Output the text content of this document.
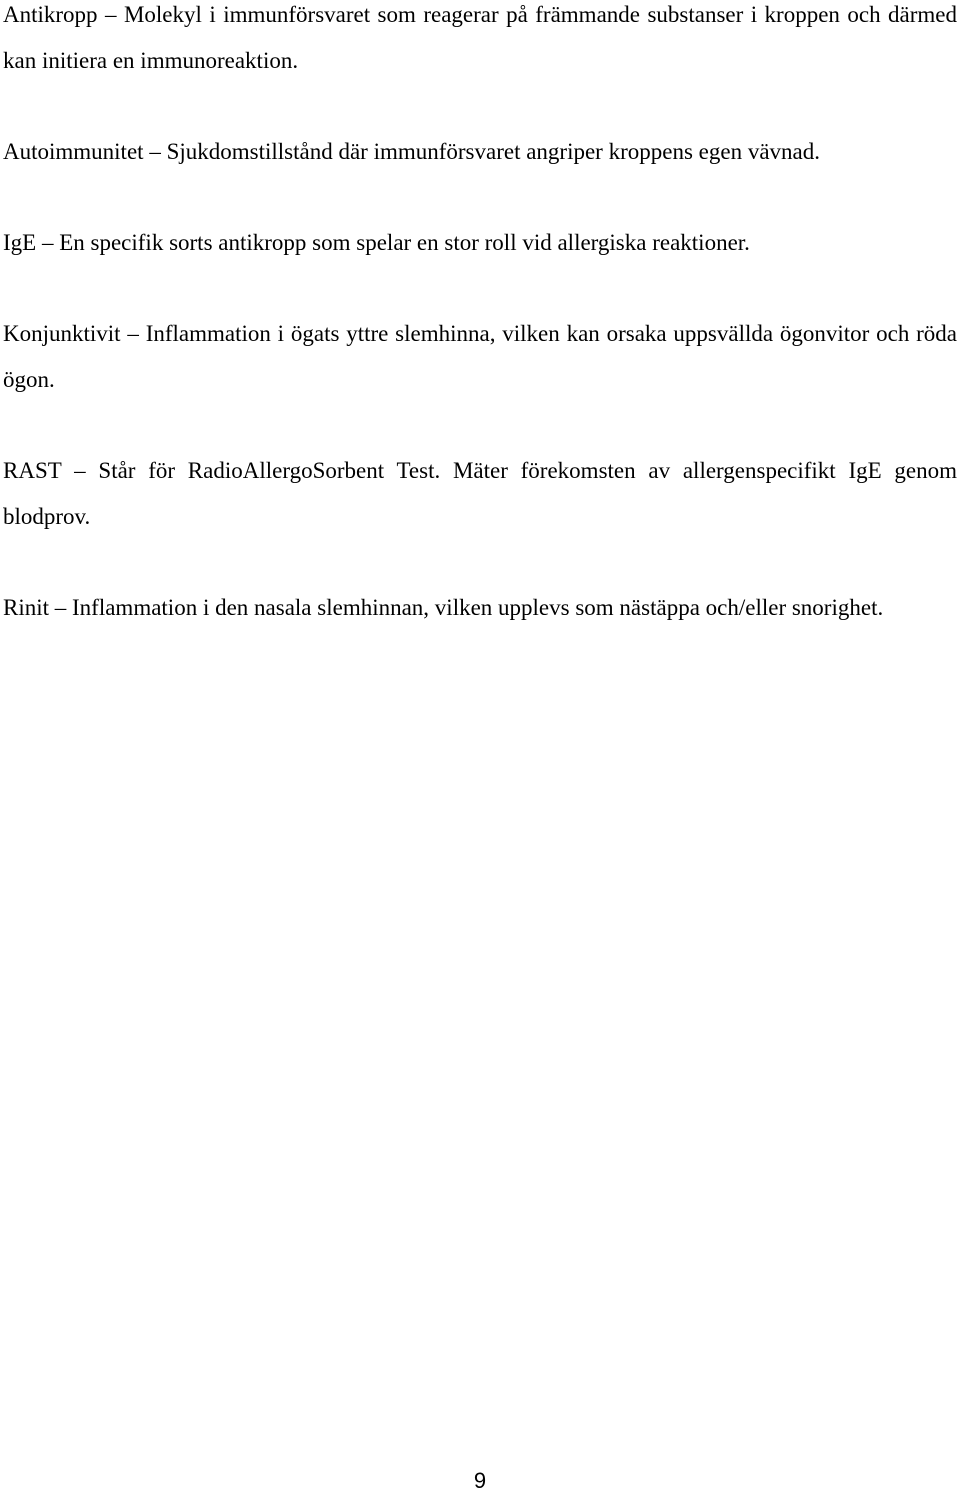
Antikropp – Molekyl i immunförsvaret som reagerar på främmande substanser i kroppen och därmed kan initiera en immunoreaktion.

Autoimmunitet – Sjukdomstillstånd där immunförsvaret angriper kroppens egen vävnad.

IgE – En specifik sorts antikropp som spelar en stor roll vid allergiska reaktioner.

Konjunktivit – Inflammation i ögats yttre slemhinna, vilken kan orsaka uppsvällda ögonvitor och röda ögon.

RAST – Står för RadioAllergoSorbent Test. Mäter förekomsten av allergenspecifikt IgE genom blodprov.

Rinit – Inflammation i den nasala slemhinnan, vilken upplevs som nästäppa och/eller snorighet.

9
